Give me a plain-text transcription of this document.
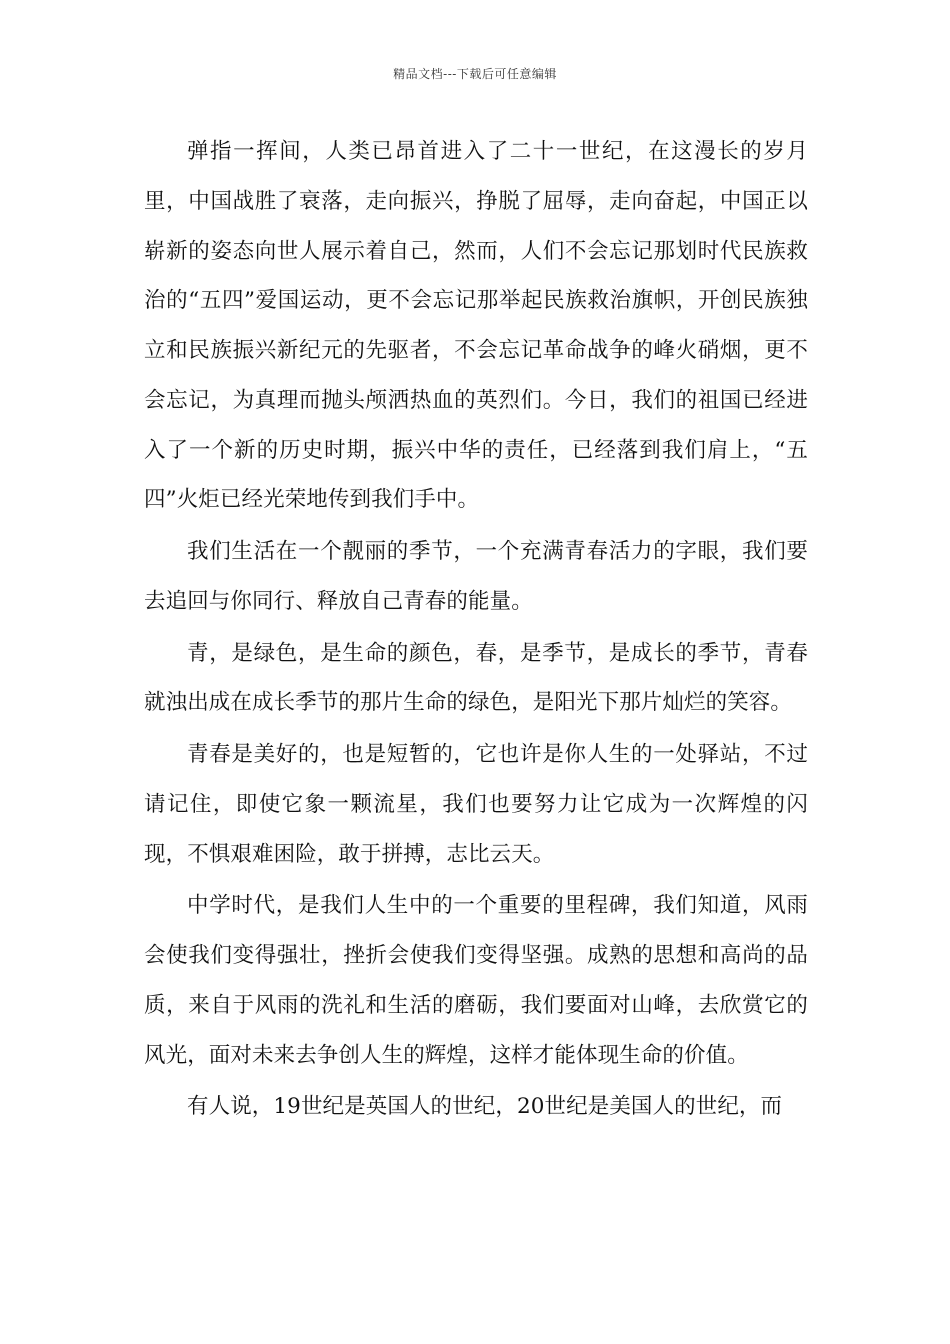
精品文档---下载后可任意编辑

弹指一挥间，人类已昂首进入了二十一世纪，在这漫长的岁月里，中国战胜了衰落，走向振兴，挣脱了屈辱，走向奋起，中国正以崭新的姿态向世人展示着自己，然而，人们不会忘记那划时代民族救治的“五四”爱国运动，更不会忘记那举起民族救治旗帜，开创民族独立和民族振兴新纪元的先驱者，不会忘记革命战争的峰火硝烟，更不会忘记，为真理而抛头颅洒热血的英烈们。今日，我们的祖国已经进入了一个新的历史时期，振兴中华的责任，已经落到我们肩上，“五四”火炬已经光荣地传到我们手中。

我们生活在一个靓丽的季节，一个充满青春活力的字眼，我们要去追回与你同行、释放自己青春的能量。

青，是绿色，是生命的颜色，春，是季节，是成长的季节，青春就浊出成在成长季节的那片生命的绿色，是阳光下那片灿烂的笑容。

青春是美好的，也是短暂的，它也许是你人生的一处驿站，不过请记住，即使它象一颗流星，我们也要努力让它成为一次辉煌的闪现，不惧艰难困险，敢于拼搏，志比云天。

中学时代，是我们人生中的一个重要的里程碑，我们知道，风雨会使我们变得强壮，挫折会使我们变得坚强。成熟的思想和高尚的品质，来自于风雨的洗礼和生活的磨砺，我们要面对山峰，去欣赏它的风光，面对未来去争创人生的辉煌，这样才能体现生命的价值。

有人说，19世纪是英国人的世纪，20世纪是美国人的世纪，而
